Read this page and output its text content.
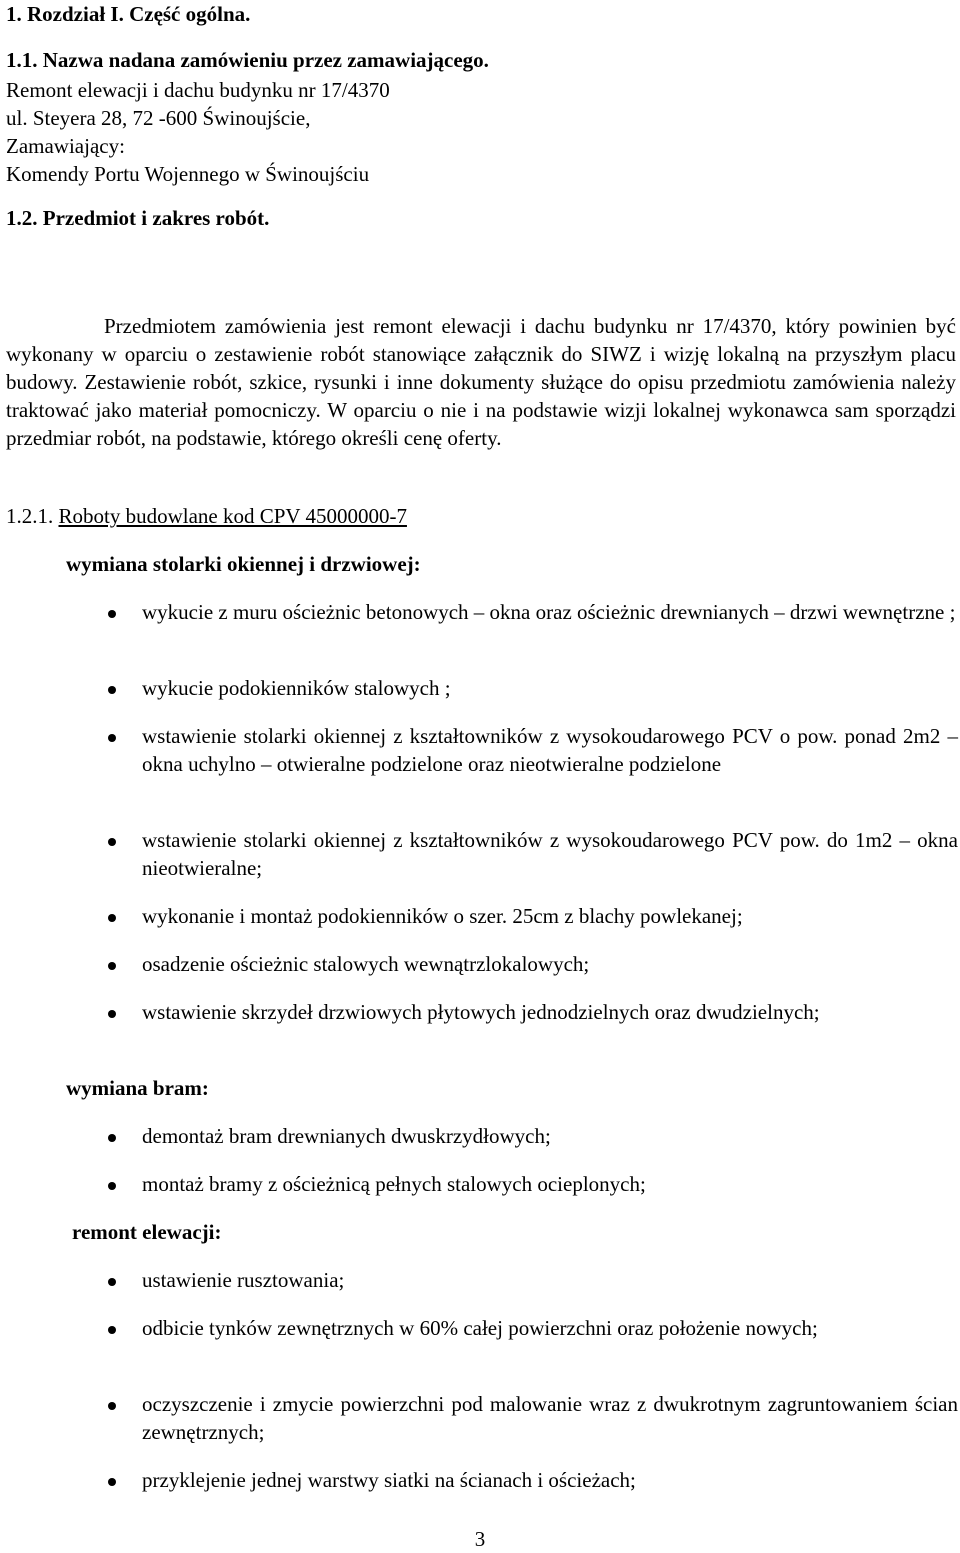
1. Rozdział I. Część ogólna.
1.1. Nazwa nadana zamówieniu przez zamawiającego.
Remont elewacji i dachu budynku nr 17/4370
ul. Steyera 28, 72 -600 Świnoujście,
Zamawiający:
Komendy Portu Wojennego w Świnoujściu
1.2. Przedmiot i zakres robót.
Przedmiotem zamówienia jest remont elewacji i dachu budynku nr 17/4370, który powinien być wykonany w oparciu o zestawienie robót stanowiące załącznik do SIWZ i wizję lokalną na przyszłym placu budowy. Zestawienie robót, szkice, rysunki i inne dokumenty służące do opisu przedmiotu zamówienia należy traktować jako materiał pomocniczy. W oparciu o nie i na podstawie wizji lokalnej wykonawca sam sporządzi przedmiar robót, na podstawie, którego określi cenę oferty.
1.2.1. Roboty budowlane kod CPV 45000000-7
wymiana stolarki okiennej i drzwiowej:
wykucie z muru ościeżnic betonowych – okna oraz ościeżnic drewnianych – drzwi wewnętrzne ;
wykucie podokienników stalowych ;
wstawienie stolarki okiennej z kształtowników z wysokoudarowego PCV o pow. ponad 2m2 – okna uchylno – otwieralne podzielone oraz nieotwieralne podzielone
wstawienie stolarki okiennej z kształtowników z wysokoudarowego PCV pow. do 1m2 – okna nieotwieralne;
wykonanie i montaż podokienników o szer. 25cm z blachy powlekanej;
osadzenie ościeżnic stalowych wewnątrzlokalowych;
wstawienie skrzydeł drzwiowych płytowych jednodzielnych oraz dwudzielnych;
wymiana bram:
demontaż bram drewnianych dwuskrzydłowych;
montaż bramy z ościeżnicą pełnych stalowych ocieplonych;
remont elewacji:
ustawienie rusztowania;
odbicie tynków zewnętrznych w 60% całej powierzchni oraz położenie nowych;
oczyszczenie i zmycie powierzchni pod malowanie wraz z dwukrotnym zagruntowaniem ścian zewnętrznych;
przyklejenie jednej warstwy siatki na ścianach i ościeżach;
3
